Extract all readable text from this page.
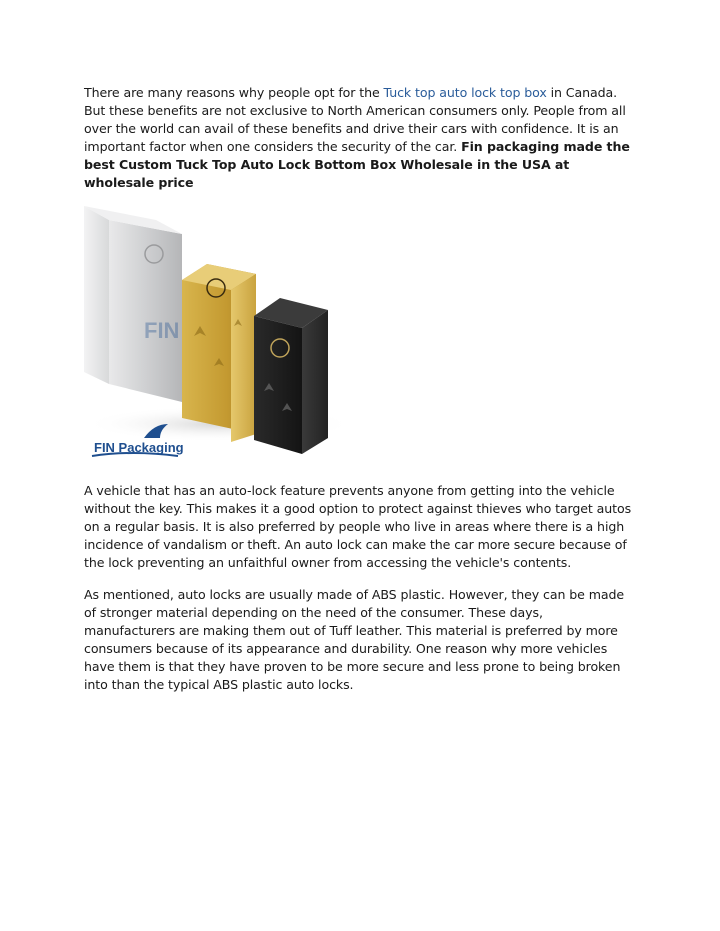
There are many reasons why people opt for the Tuck top auto lock top box in Canada. But these benefits are not exclusive to North American consumers only. People from all over the world can avail of these benefits and drive their cars with confidence. It is an important factor when one considers the security of the car. Fin packaging made the best Custom Tuck Top Auto Lock Bottom Box Wholesale in the USA at wholesale price

FIN
FIN Packaging

A vehicle that has an auto-lock feature prevents anyone from getting into the vehicle without the key. This makes it a good option to protect against thieves who target autos on a regular basis. It is also preferred by people who live in areas where there is a high incidence of vandalism or theft. An auto lock can make the car more secure because of the lock preventing an unfaithful owner from accessing the vehicle's contents.

As mentioned, auto locks are usually made of ABS plastic. However, they can be made of stronger material depending on the need of the consumer. These days, manufacturers are making them out of Tuff leather. This material is preferred by more consumers because of its appearance and durability. One reason why more vehicles have them is that they have proven to be more secure and less prone to being broken into than the typical ABS plastic auto locks.
